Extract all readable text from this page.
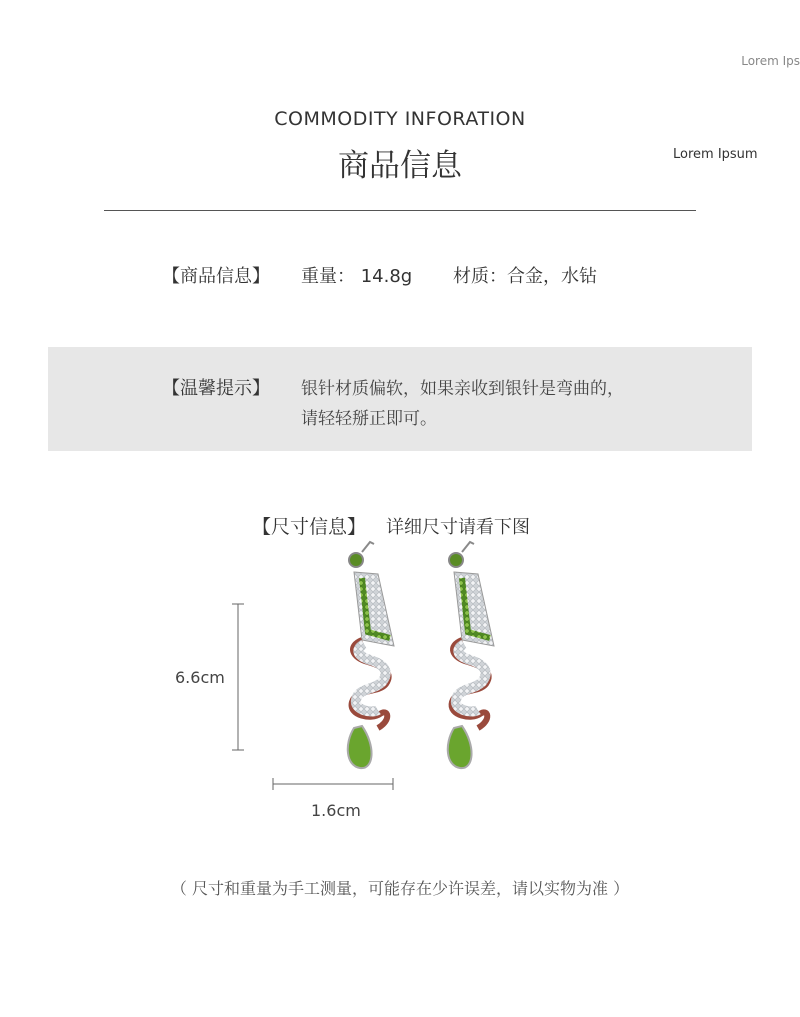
Lorem Ips
COMMODITY INFORATION
商品信息	Lorem Ipsum
【商品信息】 重量： 14.8g 材质：合金，水钻
【温馨提示】 银针材质偏软，如果亲收到银针是弯曲的，
请轻轻掰正即可。
【尺寸信息】 详细尺寸请看下图
6.6cm
1.6cm
（ 尺寸和重量为手工测量，可能存在少许误差，请以实物为准 ）
